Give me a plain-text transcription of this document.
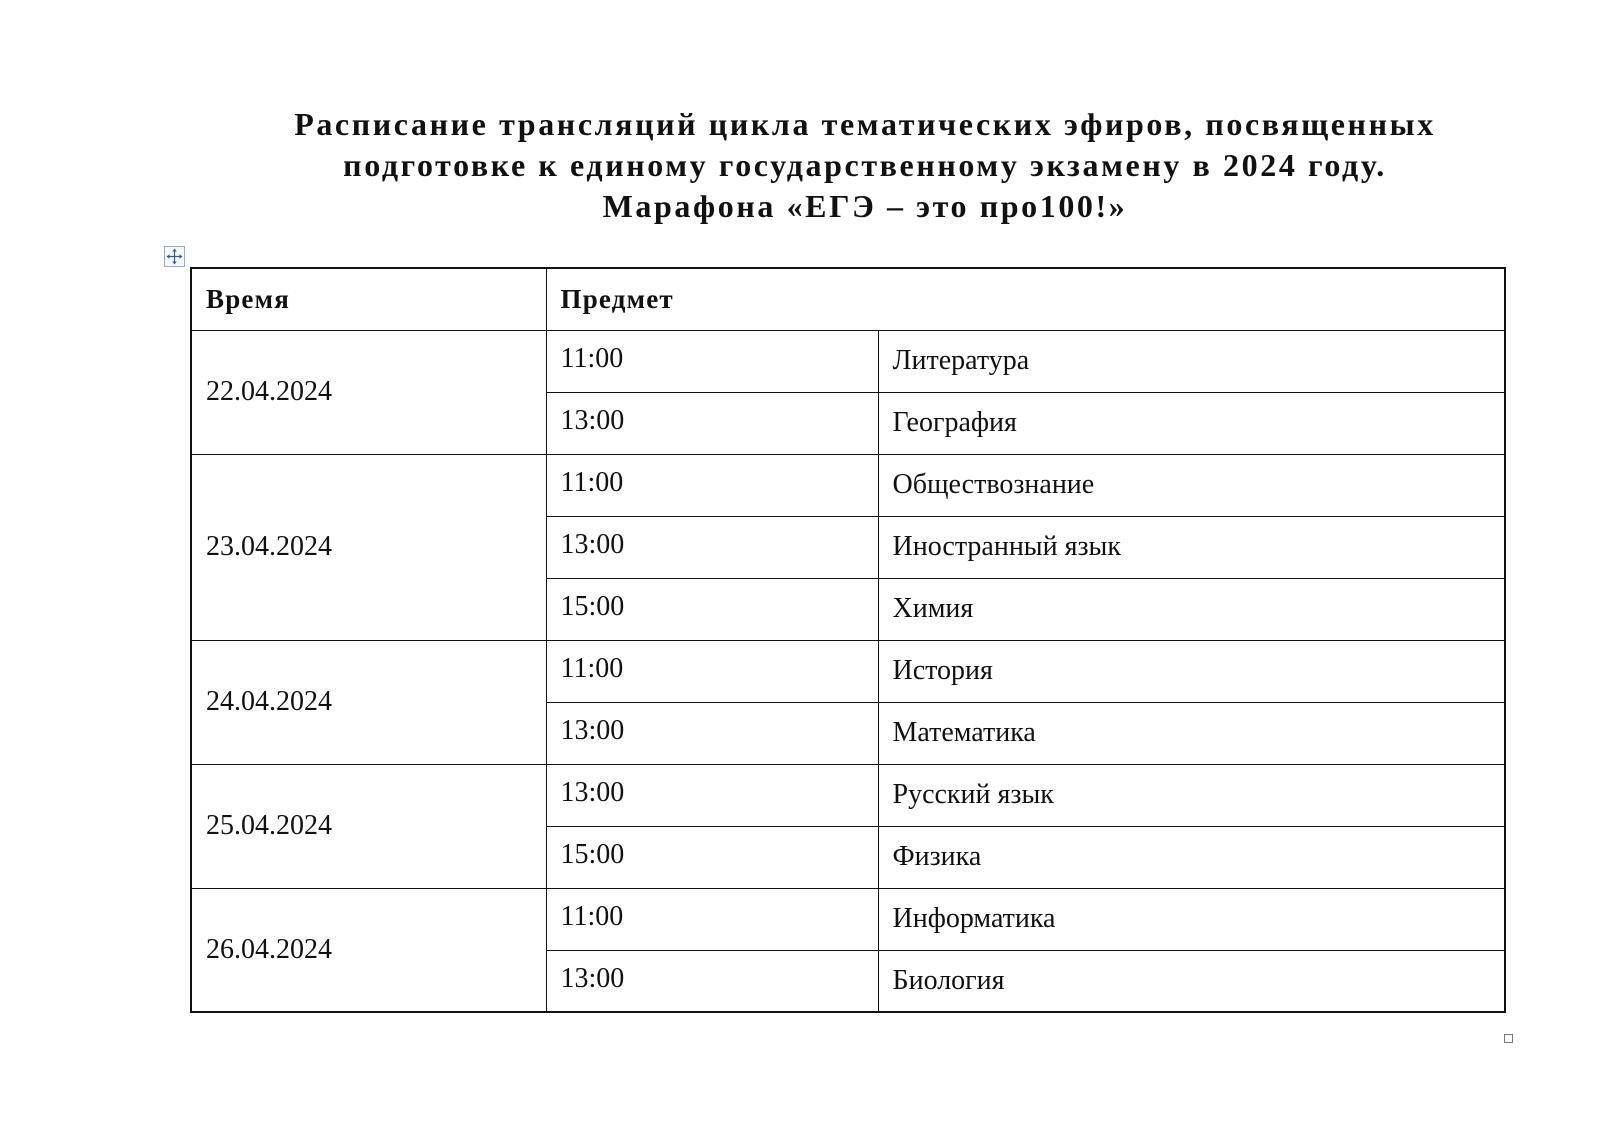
Расписание трансляций цикла тематических эфиров, посвященных
подготовке к единому государственному экзамену в 2024 году.
Марафона «ЕГЭ – это про100!»
Время	Предмет	
22.04.2024	11:00	Литература
	13:00	География
23.04.2024	11:00	Обществознание
	13:00	Иностранный язык
	15:00	Химия
24.04.2024	11:00	История
	13:00	Математика
25.04.2024	13:00	Русский язык
	15:00	Физика
26.04.2024	11:00	Информатика
	13:00	Биология
